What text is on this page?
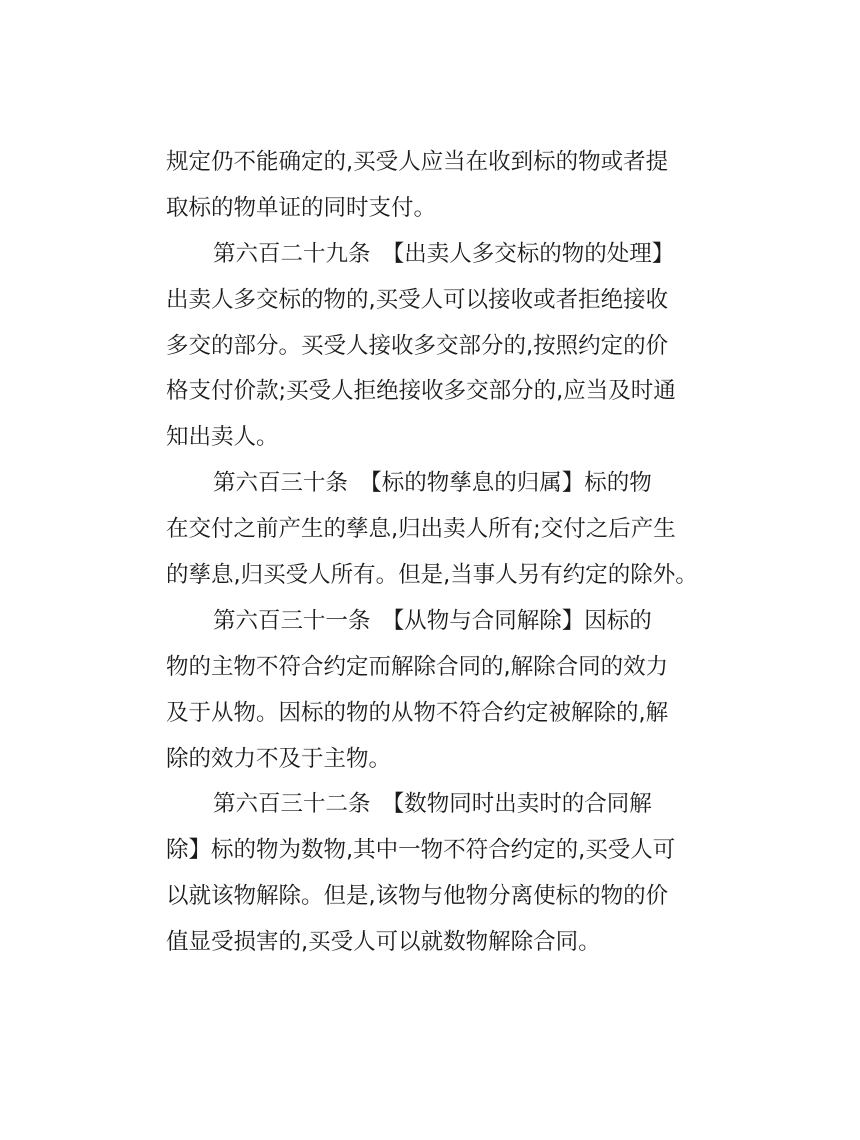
规定仍不能确定的,买受人应当在收到标的物或者提
取标的物单证的同时支付。
第六百二十九条　【出卖人多交标的物的处理】
出卖人多交标的物的,买受人可以接收或者拒绝接收
多交的部分。买受人接收多交部分的,按照约定的价
格支付价款;买受人拒绝接收多交部分的,应当及时通
知出卖人。
第六百三十条　【标的物孳息的归属】标的物
在交付之前产生的孳息,归出卖人所有;交付之后产生
的孳息,归买受人所有。但是,当事人另有约定的除外。
第六百三十一条　【从物与合同解除】因标的
物的主物不符合约定而解除合同的,解除合同的效力
及于从物。因标的物的从物不符合约定被解除的,解
除的效力不及于主物。
第六百三十二条　【数物同时出卖时的合同解
除】标的物为数物,其中一物不符合约定的,买受人可
以就该物解除。但是,该物与他物分离使标的物的价
值显受损害的,买受人可以就数物解除合同。
